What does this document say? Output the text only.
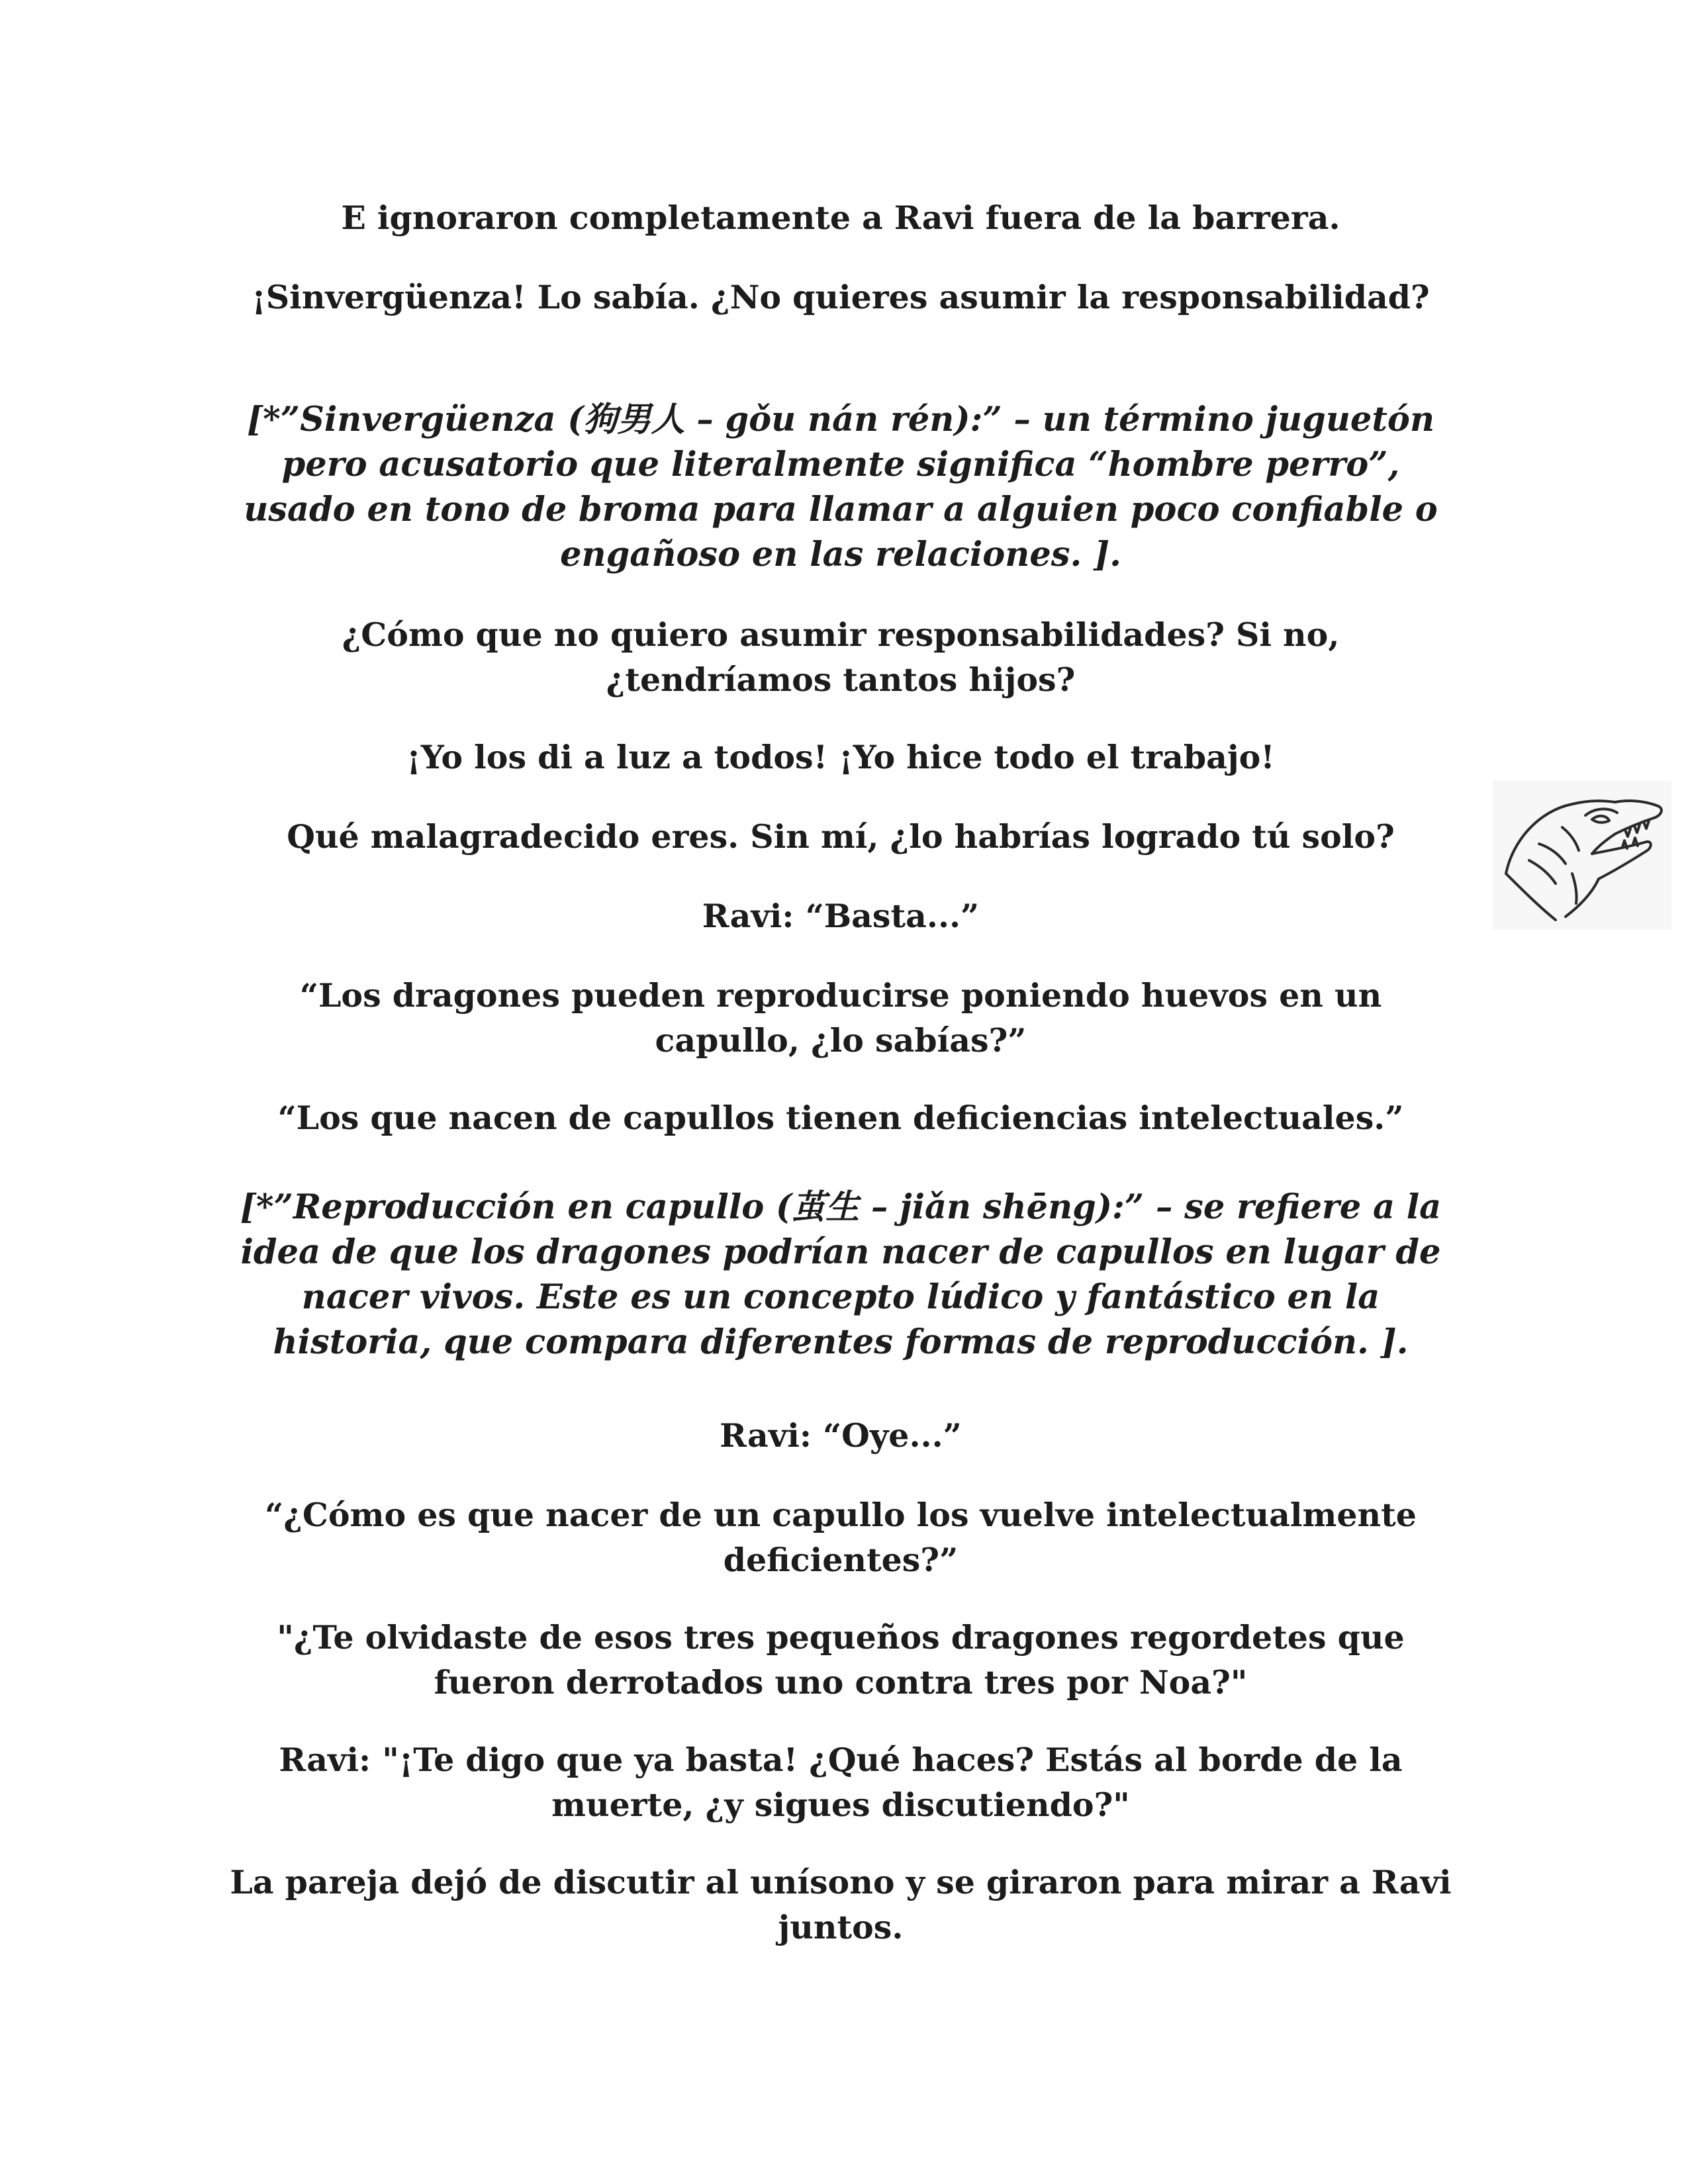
E ignoraron completamente a Ravi fuera de la barrera.

¡Sinvergüenza! Lo sabía. ¿No quieres asumir la responsabilidad?

[*”Sinvergüenza (狗男人 – gǒu nán rén):” – un término juguetón pero acusatorio que literalmente significa “hombre perro”, usado en tono de broma para llamar a alguien poco confiable o engañoso en las relaciones. ].

¿Cómo que no quiero asumir responsabilidades? Si no, ¿tendríamos tantos hijos?

¡Yo los di a luz a todos! ¡Yo hice todo el trabajo!

Qué malagradecido eres. Sin mí, ¿lo habrías logrado tú solo?

Ravi: “Basta...”

“Los dragones pueden reproducirse poniendo huevos en un capullo, ¿lo sabías?”

“Los que nacen de capullos tienen deficiencias intelectuales.”

[*”Reproducción en capullo (茧生 – jiǎn shēng):” – se refiere a la idea de que los dragones podrían nacer de capullos en lugar de nacer vivos. Este es un concepto lúdico y fantástico en la historia, que compara diferentes formas de reproducción. ].

Ravi: “Oye...”

“¿Cómo es que nacer de un capullo los vuelve intelectualmente deficientes?”

"¿Te olvidaste de esos tres pequeños dragones regordetes que fueron derrotados uno contra tres por Noa?"

Ravi: "¡Te digo que ya basta! ¿Qué haces? Estás al borde de la muerte, ¿y sigues discutiendo?"

La pareja dejó de discutir al unísono y se giraron para mirar a Ravi juntos.
